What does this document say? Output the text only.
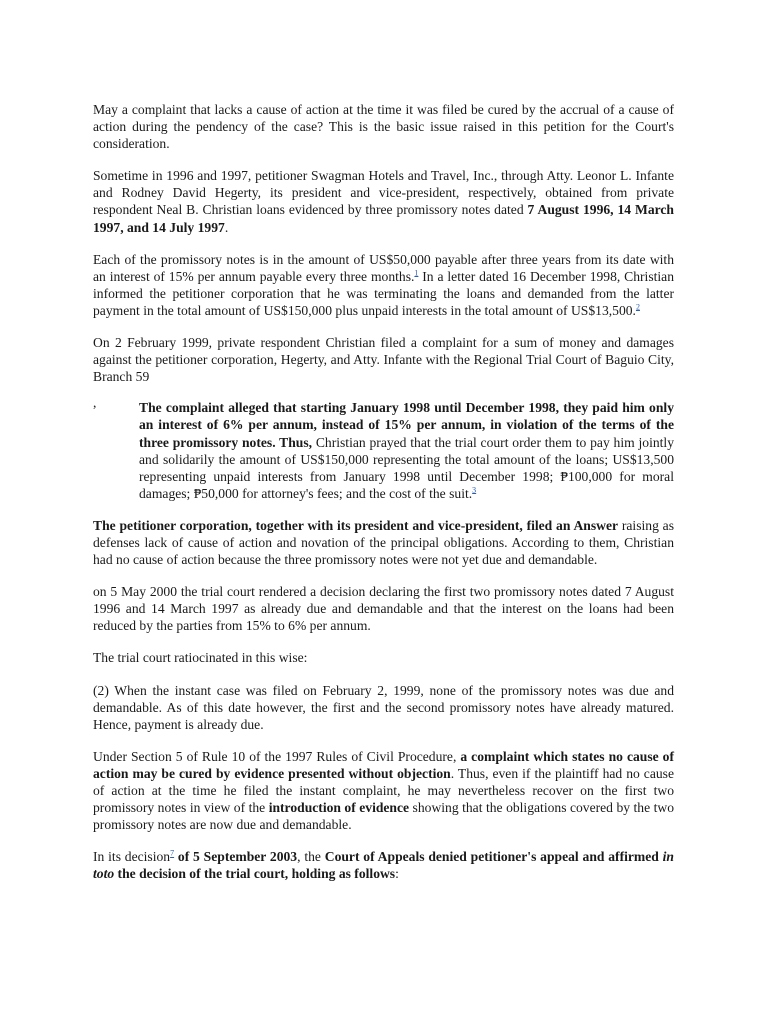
May a complaint that lacks a cause of action at the time it was filed be cured by the accrual of a cause of action during the pendency of the case? This is the basic issue raised in this petition for the Court's consideration.

Sometime in 1996 and 1997, petitioner Swagman Hotels and Travel, Inc., through Atty. Leonor L. Infante and Rodney David Hegerty, its president and vice-president, respectively, obtained from private respondent Neal B. Christian loans evidenced by three promissory notes dated 7 August 1996, 14 March 1997, and 14 July 1997.

Each of the promissory notes is in the amount of US$50,000 payable after three years from its date with an interest of 15% per annum payable every three months.$^1$ In a letter dated 16 December 1998, Christian informed the petitioner corporation that he was terminating the loans and demanded from the latter payment in the total amount of US$150,000 plus unpaid interests in the total amount of US$13,500.$^2$

On 2 February 1999, private respondent Christian filed a complaint for a sum of money and damages against the petitioner corporation, Hegerty, and Atty. Infante with the Regional Trial Court of Baguio City, Branch 59

,	The complaint alleged that starting January 1998 until December 1998, they paid him only an interest of 6% per annum, instead of 15% per annum, in violation of the terms of the three promissory notes. Thus, Christian prayed that the trial court order them to pay him jointly and solidarily the amount of US$150,000 representing the total amount of the loans; US$13,500 representing unpaid interests from January 1998 until December 1998; ₱100,000 for moral damages; ₱50,000 for attorney's fees; and the cost of the suit.$^3$

The petitioner corporation, together with its president and vice-president, filed an Answer raising as defenses lack of cause of action and novation of the principal obligations. According to them, Christian had no cause of action because the three promissory notes were not yet due and demandable.

on 5 May 2000 the trial court rendered a decision declaring the first two promissory notes dated 7 August 1996 and 14 March 1997 as already due and demandable and that the interest on the loans had been reduced by the parties from 15% to 6% per annum.

The trial court ratiocinated in this wise:

(2) When the instant case was filed on February 2, 1999, none of the promissory notes was due and demandable. As of this date however, the first and the second promissory notes have already matured. Hence, payment is already due.

Under Section 5 of Rule 10 of the 1997 Rules of Civil Procedure, a complaint which states no cause of action may be cured by evidence presented without objection. Thus, even if the plaintiff had no cause of action at the time he filed the instant complaint, he may nevertheless recover on the first two promissory notes in view of the introduction of evidence showing that the obligations covered by the two promissory notes are now due and demandable.

In its decision$^7$ of 5 September 2003, the Court of Appeals denied petitioner's appeal and affirmed in toto the decision of the trial court, holding as follows:
